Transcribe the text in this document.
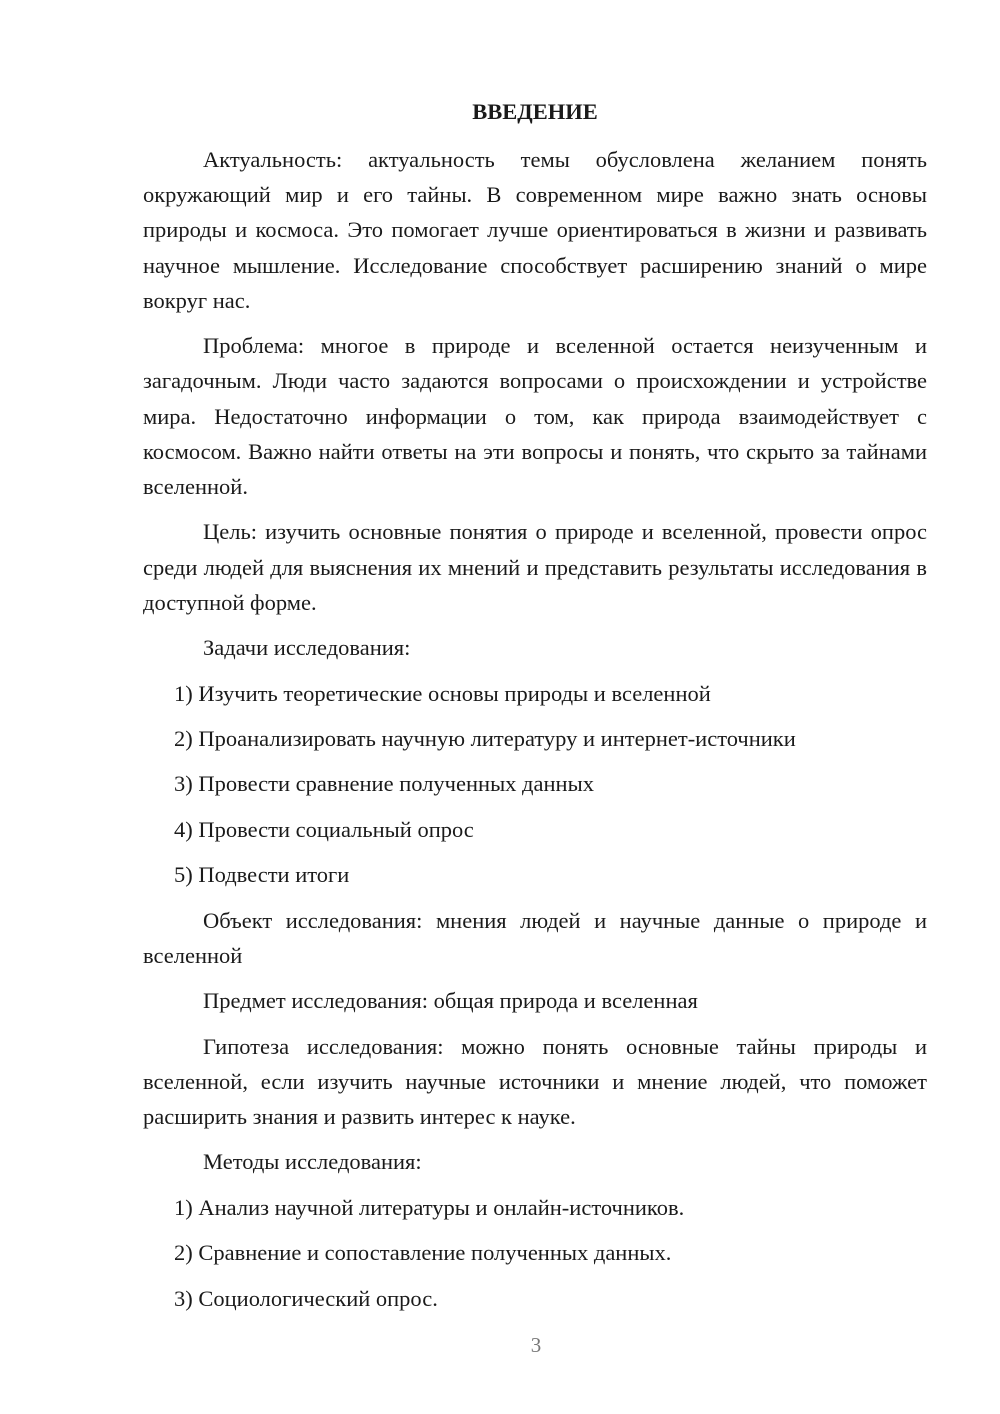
ВВЕДЕНИЕ

Актуальность: актуальность темы обусловлена желанием понять окружающий мир и его тайны. В современном мире важно знать основы природы и космоса. Это помогает лучше ориентироваться в жизни и развивать научное мышление. Исследование способствует расширению знаний о мире вокруг нас.

Проблема: многое в природе и вселенной остается неизученным и загадочным. Люди часто задаются вопросами о происхождении и устройстве мира. Недостаточно информации о том, как природа взаимодействует с космосом. Важно найти ответы на эти вопросы и понять, что скрыто за тайнами вселенной.

Цель: изучить основные понятия о природе и вселенной, провести опрос среди людей для выяснения их мнений и представить результаты исследования в доступной форме.

Задачи исследования:
1) Изучить теоретические основы природы и вселенной
2) Проанализировать научную литературу и интернет-источники
3) Провести сравнение полученных данных
4) Провести социальный опрос
5) Подвести итоги

Объект исследования: мнения людей и научные данные о природе и вселенной

Предмет исследования: общая природа и вселенная

Гипотеза исследования: можно понять основные тайны природы и вселенной, если изучить научные источники и мнение людей, что поможет расширить знания и развить интерес к науке.

Методы исследования:
1) Анализ научной литературы и онлайн-источников.
2) Сравнение и сопоставление полученных данных.
3) Социологический опрос.
3
